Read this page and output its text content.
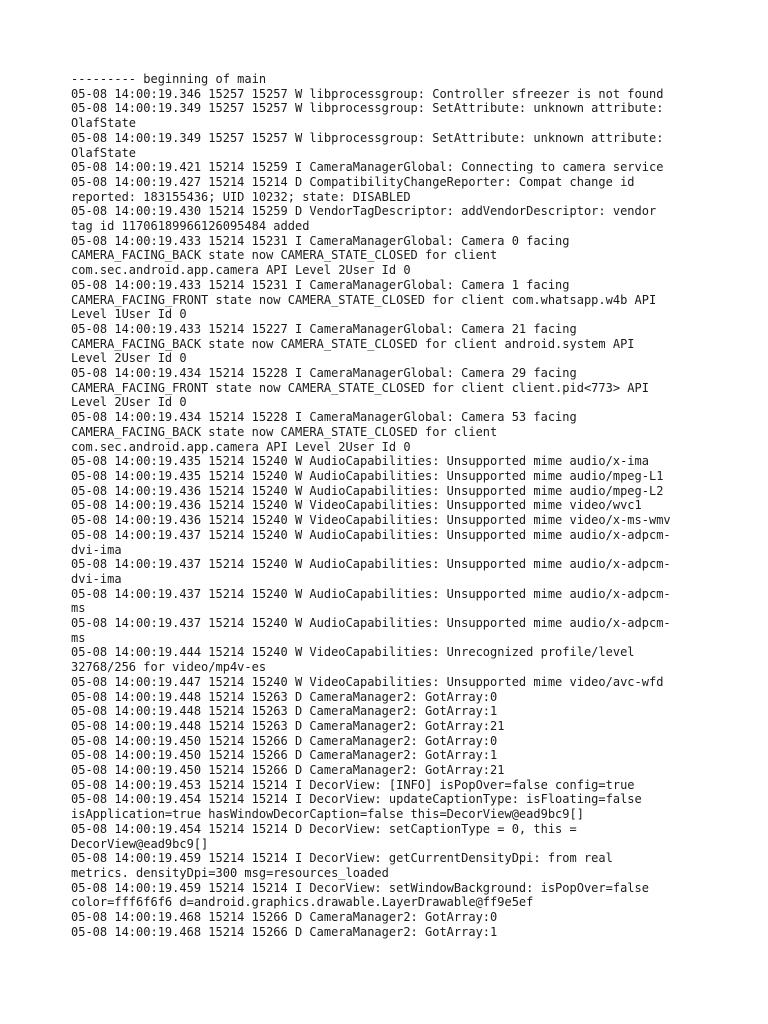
--------- beginning of main
05-08 14:00:19.346 15257 15257 W libprocessgroup: Controller sfreezer is not found
05-08 14:00:19.349 15257 15257 W libprocessgroup: SetAttribute: unknown attribute:
OlafState
05-08 14:00:19.349 15257 15257 W libprocessgroup: SetAttribute: unknown attribute:
OlafState
05-08 14:00:19.421 15214 15259 I CameraManagerGlobal: Connecting to camera service
05-08 14:00:19.427 15214 15214 D CompatibilityChangeReporter: Compat change id
reported: 183155436; UID 10232; state: DISABLED
05-08 14:00:19.430 15214 15259 D VendorTagDescriptor: addVendorDescriptor: vendor
tag id 11706189966126095484 added
05-08 14:00:19.433 15214 15231 I CameraManagerGlobal: Camera 0 facing
CAMERA_FACING_BACK state now CAMERA_STATE_CLOSED for client
com.sec.android.app.camera API Level 2User Id 0
05-08 14:00:19.433 15214 15231 I CameraManagerGlobal: Camera 1 facing
CAMERA_FACING_FRONT state now CAMERA_STATE_CLOSED for client com.whatsapp.w4b API
Level 1User Id 0
05-08 14:00:19.433 15214 15227 I CameraManagerGlobal: Camera 21 facing
CAMERA_FACING_BACK state now CAMERA_STATE_CLOSED for client android.system API
Level 2User Id 0
05-08 14:00:19.434 15214 15228 I CameraManagerGlobal: Camera 29 facing
CAMERA_FACING_FRONT state now CAMERA_STATE_CLOSED for client client.pid<773> API
Level 2User Id 0
05-08 14:00:19.434 15214 15228 I CameraManagerGlobal: Camera 53 facing
CAMERA_FACING_BACK state now CAMERA_STATE_CLOSED for client
com.sec.android.app.camera API Level 2User Id 0
05-08 14:00:19.435 15214 15240 W AudioCapabilities: Unsupported mime audio/x-ima
05-08 14:00:19.435 15214 15240 W AudioCapabilities: Unsupported mime audio/mpeg-L1
05-08 14:00:19.436 15214 15240 W AudioCapabilities: Unsupported mime audio/mpeg-L2
05-08 14:00:19.436 15214 15240 W VideoCapabilities: Unsupported mime video/wvc1
05-08 14:00:19.436 15214 15240 W VideoCapabilities: Unsupported mime video/x-ms-wmv
05-08 14:00:19.437 15214 15240 W AudioCapabilities: Unsupported mime audio/x-adpcm-
dvi-ima
05-08 14:00:19.437 15214 15240 W AudioCapabilities: Unsupported mime audio/x-adpcm-
dvi-ima
05-08 14:00:19.437 15214 15240 W AudioCapabilities: Unsupported mime audio/x-adpcm-
ms
05-08 14:00:19.437 15214 15240 W AudioCapabilities: Unsupported mime audio/x-adpcm-
ms
05-08 14:00:19.444 15214 15240 W VideoCapabilities: Unrecognized profile/level
32768/256 for video/mp4v-es
05-08 14:00:19.447 15214 15240 W VideoCapabilities: Unsupported mime video/avc-wfd
05-08 14:00:19.448 15214 15263 D CameraManager2: GotArray:0
05-08 14:00:19.448 15214 15263 D CameraManager2: GotArray:1
05-08 14:00:19.448 15214 15263 D CameraManager2: GotArray:21
05-08 14:00:19.450 15214 15266 D CameraManager2: GotArray:0
05-08 14:00:19.450 15214 15266 D CameraManager2: GotArray:1
05-08 14:00:19.450 15214 15266 D CameraManager2: GotArray:21
05-08 14:00:19.453 15214 15214 I DecorView: [INFO] isPopOver=false config=true
05-08 14:00:19.454 15214 15214 I DecorView: updateCaptionType: isFloating=false
isApplication=true hasWindowDecorCaption=false this=DecorView@ead9bc9[]
05-08 14:00:19.454 15214 15214 D DecorView: setCaptionType = 0, this =
DecorView@ead9bc9[]
05-08 14:00:19.459 15214 15214 I DecorView: getCurrentDensityDpi: from real
metrics. densityDpi=300 msg=resources_loaded
05-08 14:00:19.459 15214 15214 I DecorView: setWindowBackground: isPopOver=false
color=fff6f6f6 d=android.graphics.drawable.LayerDrawable@ff9e5ef
05-08 14:00:19.468 15214 15266 D CameraManager2: GotArray:0
05-08 14:00:19.468 15214 15266 D CameraManager2: GotArray:1
